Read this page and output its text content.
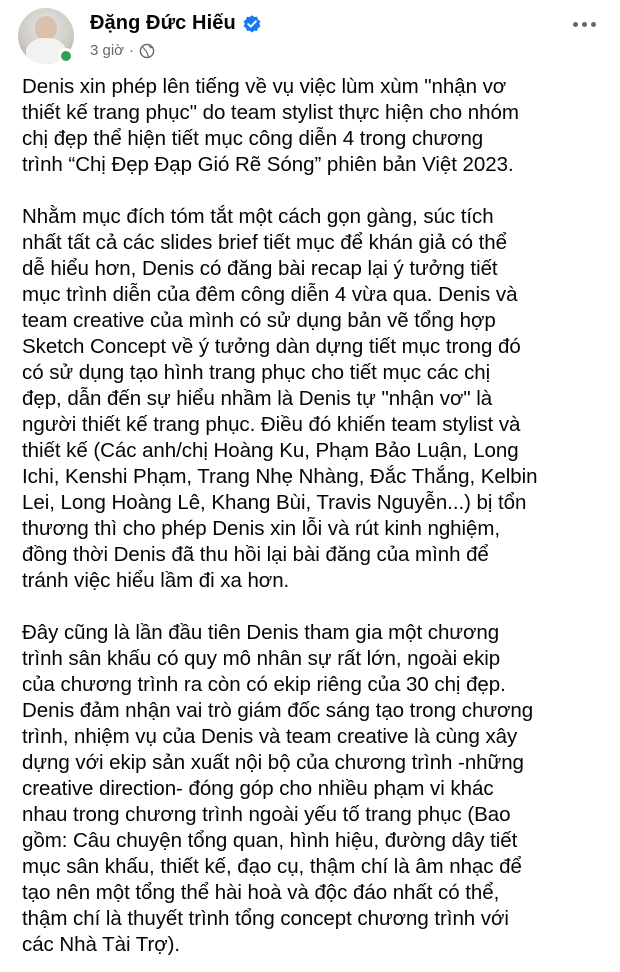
Đặng Đức Hiếu
3 giờ ·
Denis xin phép lên tiếng về vụ việc lùm xùm "nhận vơ
thiết kế trang phục" do team stylist thực hiện cho nhóm
chị đẹp thể hiện tiết mục công diễn 4 trong chương
trình “Chị Đẹp Đạp Gió Rẽ Sóng” phiên bản Việt 2023.
Nhằm mục đích tóm tắt một cách gọn gàng, súc tích
nhất tất cả các slides brief tiết mục để khán giả có thể
dễ hiểu hơn, Denis có đăng bài recap lại ý tưởng tiết
mục trình diễn của đêm công diễn 4 vừa qua. Denis và
team creative của mình có sử dụng bản vẽ tổng hợp
Sketch Concept về ý tưởng dàn dựng tiết mục trong đó
có sử dụng tạo hình trang phục cho tiết mục các chị
đẹp, dẫn đến sự hiểu nhầm là Denis tự "nhận vơ" là
người thiết kế trang phục. Điều đó khiến team stylist và
thiết kế (Các anh/chị Hoàng Ku, Phạm Bảo Luận, Long
Ichi, Kenshi Phạm, Trang Nhẹ Nhàng, Đắc Thắng, Kelbin
Lei, Long Hoàng Lê, Khang Bùi, Travis Nguyễn...) bị tổn
thương thì cho phép Denis xin lỗi và rút kinh nghiệm,
đồng thời Denis đã thu hồi lại bài đăng của mình để
tránh việc hiểu lầm đi xa hơn.
Đây cũng là lần đầu tiên Denis tham gia một chương
trình sân khấu có quy mô nhân sự rất lớn, ngoài ekip
của chương trình ra còn có ekip riêng của 30 chị đẹp.
Denis đảm nhận vai trò giám đốc sáng tạo trong chương
trình, nhiệm vụ của Denis và team creative là cùng xây
dựng với ekip sản xuất nội bộ của chương trình -những
creative direction- đóng góp cho nhiều phạm vi khác
nhau trong chương trình ngoài yếu tố trang phục (Bao
gồm: Câu chuyện tổng quan, hình hiệu, đường dây tiết
mục sân khấu, thiết kế, đạo cụ, thậm chí là âm nhạc để
tạo nên một tổng thể hài hoà và độc đáo nhất có thể,
thậm chí là thuyết trình tổng concept chương trình với
các Nhà Tài Trợ).
